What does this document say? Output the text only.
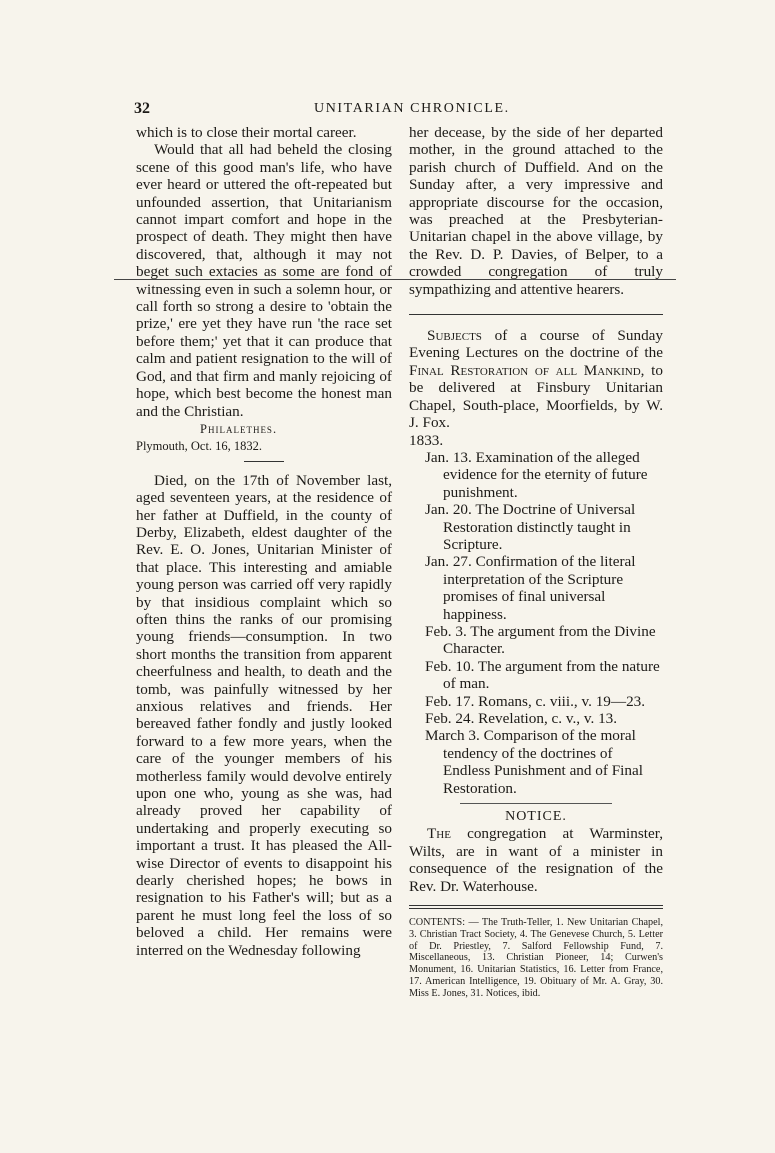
32	UNITARIAN CHRONICLE.

which is to close their mortal career.

Would that all had beheld the closing scene of this good man's life, who have ever heard or uttered the oft-repeated but unfounded assertion, that Unitarianism cannot impart comfort and hope in the prospect of death. They might then have discovered, that, although it may not beget such extacies as some are fond of witnessing even in such a solemn hour, or call forth so strong a desire to 'obtain the prize,' ere yet they have run 'the race set before them;' yet that it can produce that calm and patient resignation to the will of God, and that firm and manly rejoicing of hope, which best become the honest man and the Christian.

Philalethes.

Plymouth, Oct. 16, 1832.

Died, on the 17th of November last, aged seventeen years, at the residence of her father at Duffield, in the county of Derby, Elizabeth, eldest daughter of the Rev. E. O. Jones, Unitarian Minister of that place. This interesting and amiable young person was carried off very rapidly by that insidious complaint which so often thins the ranks of our promising young friends—consumption. In two short months the transition from apparent cheerfulness and health, to death and the tomb, was painfully witnessed by her anxious relatives and friends. Her bereaved father fondly and justly looked forward to a few more years, when the care of the younger members of his motherless family would devolve entirely upon one who, young as she was, had already proved her capability of undertaking and properly executing so important a trust. It has pleased the All-wise Director of events to disappoint his dearly cherished hopes; he bows in resignation to his Father's will; but as a parent he must long feel the loss of so beloved a child. Her remains were interred on the Wednesday following

her decease, by the side of her departed mother, in the ground attached to the parish church of Duffield. And on the Sunday after, a very impressive and appropriate discourse for the occasion, was preached at the Presbyterian-Unitarian chapel in the above village, by the Rev. D. P. Davies, of Belper, to a crowded congregation of truly sympathizing and attentive hearers.

Subjects of a course of Sunday Evening Lectures on the doctrine of the Final Restoration of all Mankind, to be delivered at Finsbury Unitarian Chapel, South-place, Moorfields, by W. J. Fox.

1833.

Jan. 13. Examination of the alleged evidence for the eternity of future punishment.
Jan. 20. The Doctrine of Universal Restoration distinctly taught in Scripture.
Jan. 27. Confirmation of the literal interpretation of the Scripture promises of final universal happiness.
Feb. 3. The argument from the Divine Character.
Feb. 10. The argument from the nature of man.
Feb. 17. Romans, c. viii., v. 19—23.
Feb. 24. Revelation, c. v., v. 13.
March 3. Comparison of the moral tendency of the doctrines of Endless Punishment and of Final Restoration.

NOTICE.

The congregation at Warminster, Wilts, are in want of a minister in consequence of the resignation of the Rev. Dr. Waterhouse.

CONTENTS: — The Truth-Teller, 1. New Unitarian Chapel, 3. Christian Tract Society, 4. The Genevese Church, 5. Letter of Dr. Priestley, 7. Salford Fellowship Fund, 7. Miscellaneous, 13. Christian Pioneer, 14; Curwen's Monument, 16. Unitarian Statistics, 16. Letter from France, 17. American Intelligence, 19. Obituary of Mr. A. Gray, 30. Miss E. Jones, 31. Notices, ibid.
